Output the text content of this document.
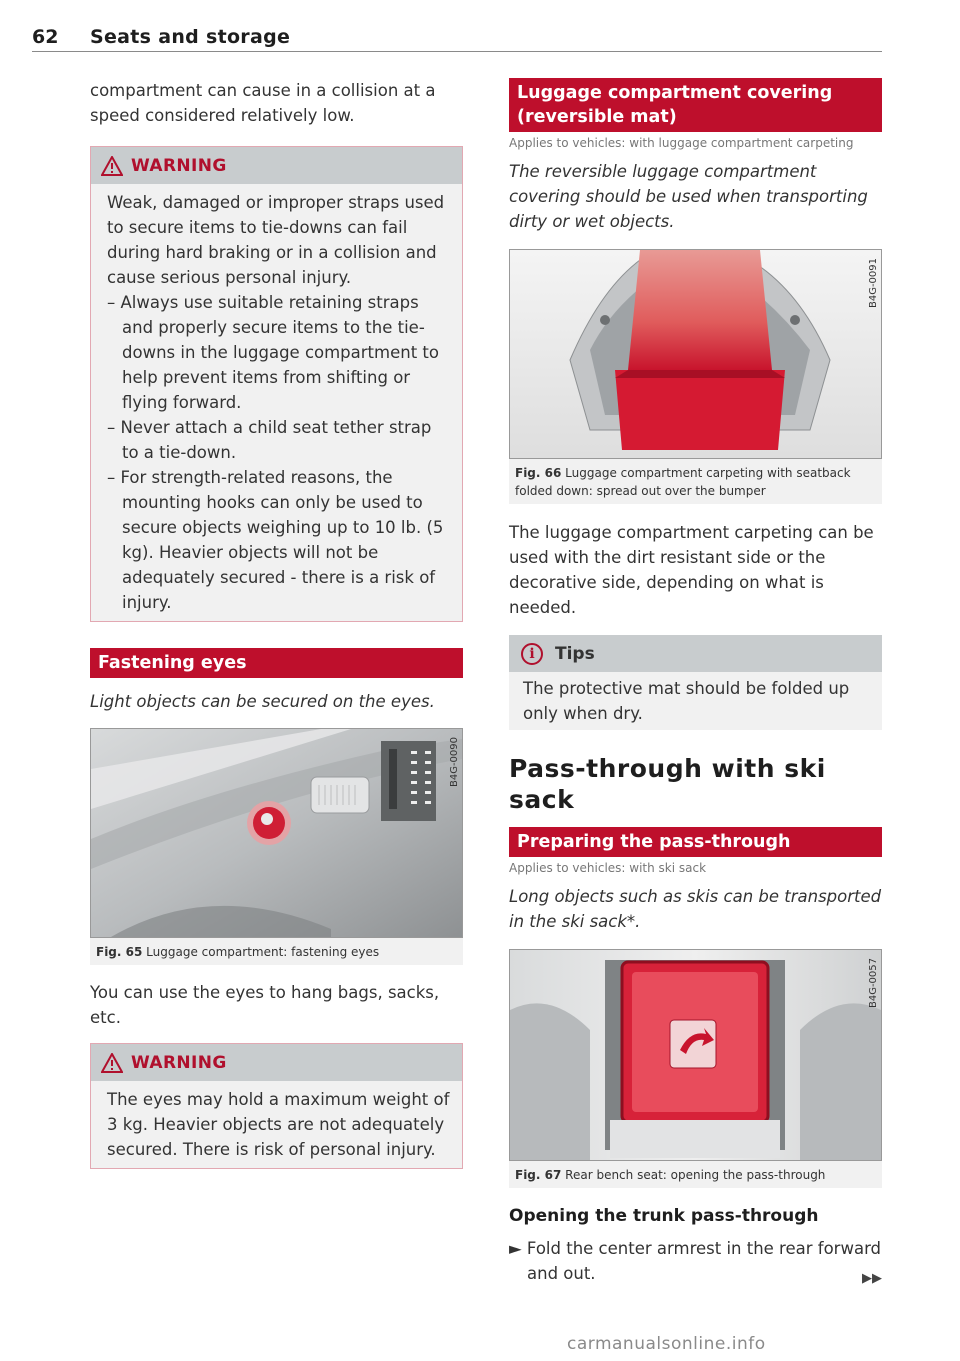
62 Seats and storage

compartment can cause in a collision at a speed considered relatively low.

WARNING

Weak, damaged or improper straps used to secure items to tie-downs can fail during hard braking or in a collision and cause serious personal injury.

– Always use suitable retaining straps and properly secure items to the tie-downs in the luggage compartment to help prevent items from shifting or flying forward.
– Never attach a child seat tether strap to a tie-down.
– For strength-related reasons, the mounting hooks can only be used to secure objects weighing up to 10 lb. (5 kg). Heavier objects will not be adequately secured - there is a risk of injury.
Fastening eyes

Light objects can be secured on the eyes.

B4G-0090

Fig. 65 Luggage compartment: fastening eyes

You can use the eyes to hang bags, sacks, etc.

WARNING

The eyes may hold a maximum weight of 3 kg. Heavier objects are not adequately secured. There is risk of personal injury.

Luggage compartment covering (reversible mat)

Applies to vehicles: with luggage compartment carpeting

The reversible luggage compartment covering should be used when transporting dirty or wet objects.

B4G-0091

Fig. 66 Luggage compartment carpeting with seatback folded down: spread out over the bumper

The luggage compartment carpeting can be used with the dirt resistant side or the decorative side, depending on what is needed.

i	Tips
The protective mat should be folded up only when dry.
Pass-through with ski sack
Preparing the pass-through

Applies to vehicles: with ski sack

Long objects such as skis can be transported in the ski sack*.

B4G-0057

Fig. 67 Rear bench seat: opening the pass-through

Opening the trunk pass-through

► Fold the center armrest in the rear forward and out.	▶▶
carmanualsonline.info
